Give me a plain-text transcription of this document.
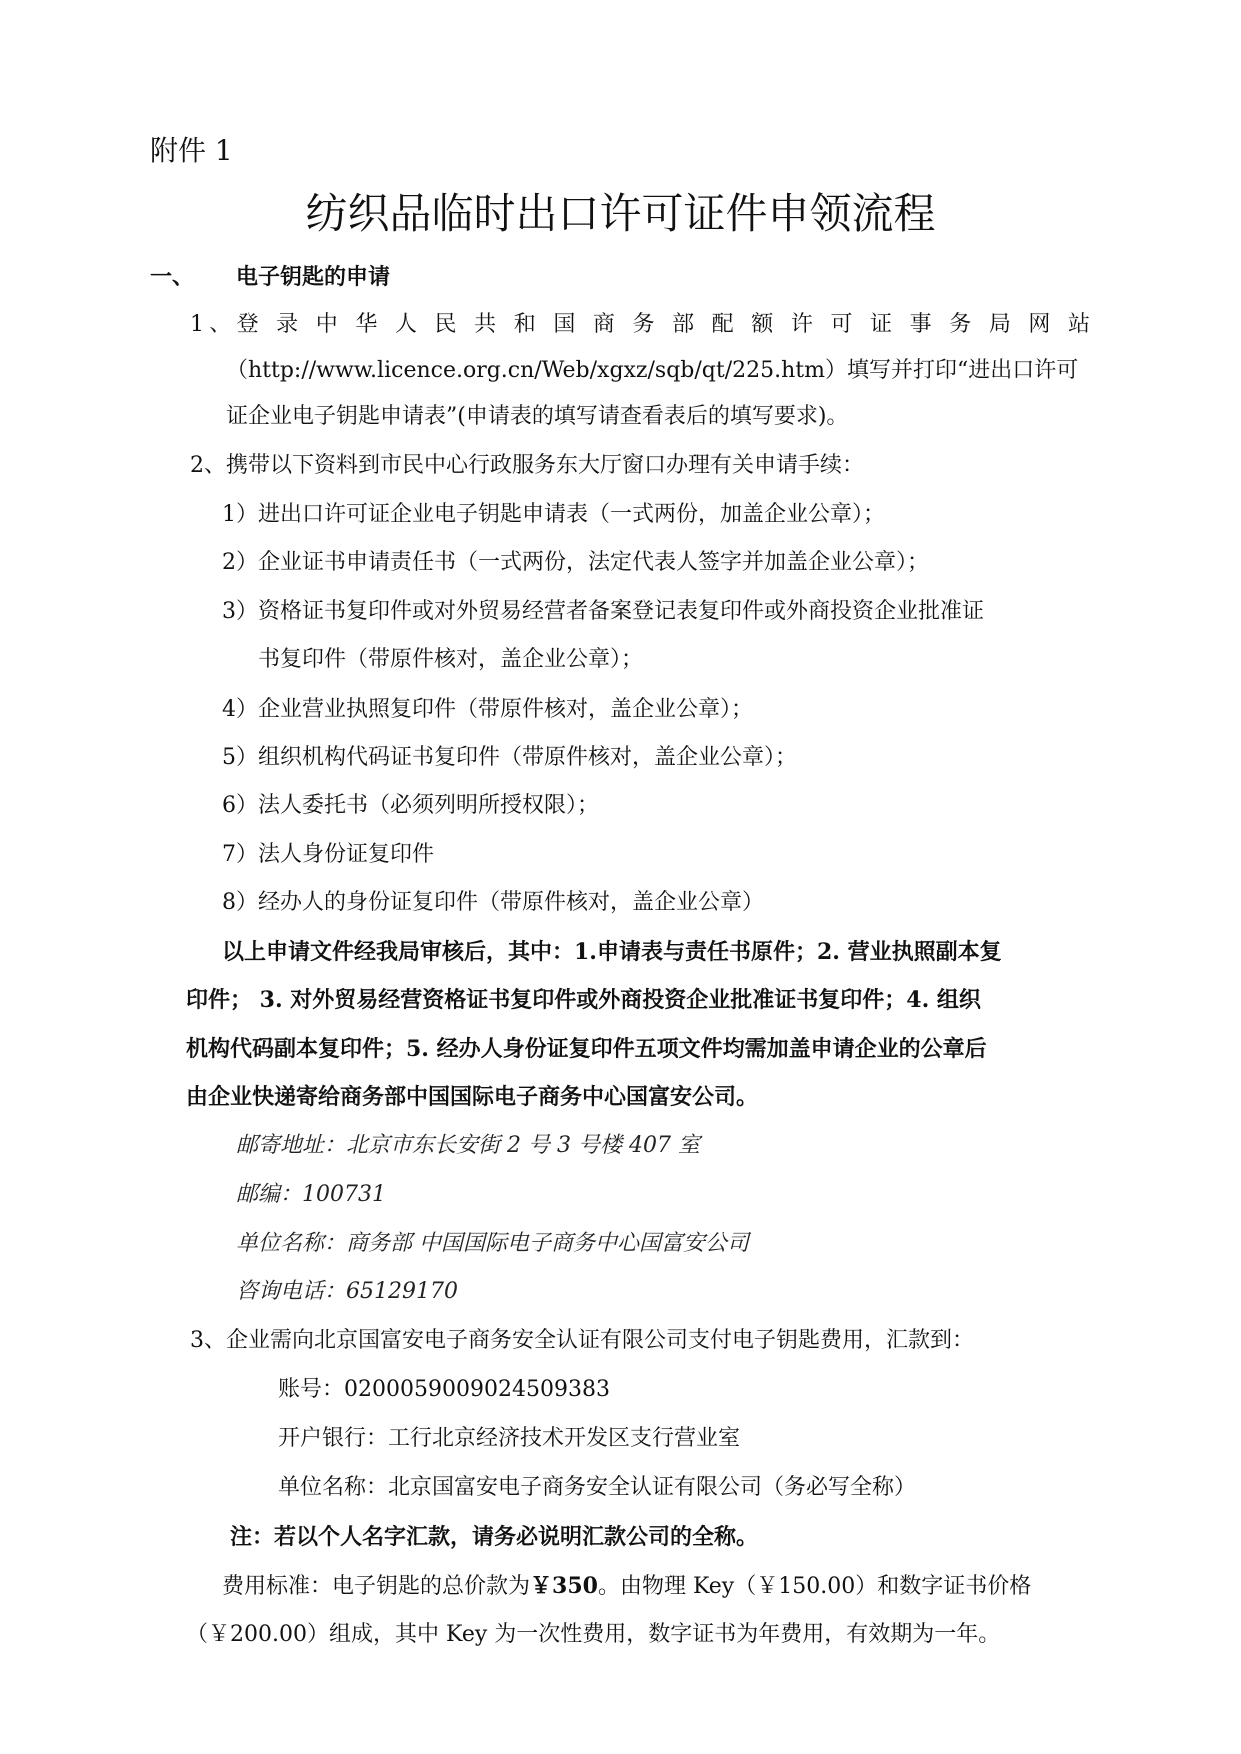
附件 1
纺织品临时出口许可证件申领流程
一、 电子钥匙的申请
1、登 录 中 华 人 民 共 和 国 商 务 部 配 额 许 可 证 事 务 局 网 站
（http://www.licence.org.cn/Web/xgxz/sqb/qt/225.htm）填写并打印“进出口许可
证企业电子钥匙申请表”(申请表的填写请查看表后的填写要求)。
2、携带以下资料到市民中心行政服务东大厅窗口办理有关申请手续：
1）进出口许可证企业电子钥匙申请表（一式两份，加盖企业公章）；
2）企业证书申请责任书（一式两份，法定代表人签字并加盖企业公章）；
3）资格证书复印件或对外贸易经营者备案登记表复印件或外商投资企业批准证
书复印件（带原件核对，盖企业公章）；
4）企业营业执照复印件（带原件核对，盖企业公章）；
5）组织机构代码证书复印件（带原件核对，盖企业公章）；
6）法人委托书（必须列明所授权限）；
7）法人身份证复印件
8）经办人的身份证复印件（带原件核对，盖企业公章）
以上申请文件经我局审核后，其中：1.申请表与责任书原件；2. 营业执照副本复
印件； 3. 对外贸易经营资格证书复印件或外商投资企业批准证书复印件；4. 组织
机构代码副本复印件；5. 经办人身份证复印件五项文件均需加盖申请企业的公章后
由企业快递寄给商务部中国国际电子商务中心国富安公司。
邮寄地址：北京市东长安街 2 号 3 号楼 407 室
邮编：100731
单位名称：商务部 中国国际电子商务中心国富安公司
咨询电话：65129170
3、企业需向北京国富安电子商务安全认证有限公司支付电子钥匙费用，汇款到：
账号：0200059009024509383
开户银行：工行北京经济技术开发区支行营业室
单位名称：北京国富安电子商务安全认证有限公司（务必写全称）
注：若以个人名字汇款，请务必说明汇款公司的全称。
费用标准：电子钥匙的总价款为￥350。由物理 Key（￥150.00）和数字证书价格
（￥200.00）组成，其中 Key 为一次性费用，数字证书为年费用，有效期为一年。
